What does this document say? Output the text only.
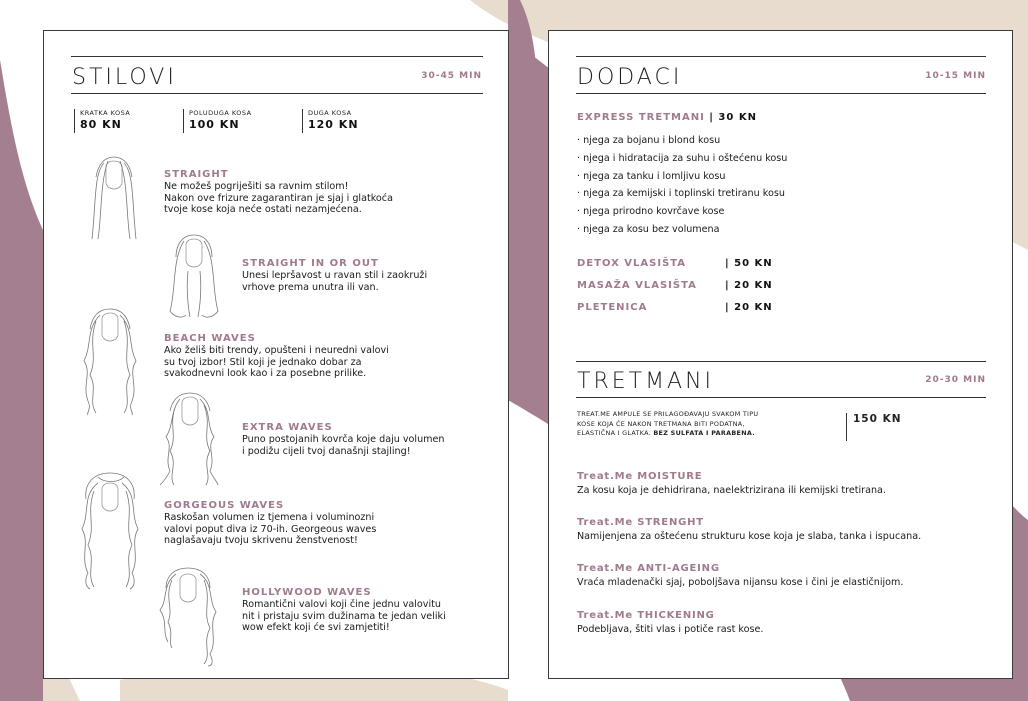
STILOVI	30-45 MIN
KRATKA KOSA
80 KN
POLUDUGA KOSA
100 KN
DUGA KOSA
120 KN
STRAIGHT
Ne možeš pogriješiti sa ravnim stilom!
Nakon ove frizure zagarantiran je sjaj i glatkoća
tvoje kose koja neće ostati nezamjećena.
STRAIGHT IN OR OUT
Unesi lepršavost u ravan stil i zaokruži
vrhove prema unutra ili van.
BEACH WAVES
Ako želiš biti trendy, opušteni i neuredni valovi
su tvoj izbor! Stil koji je jednako dobar za
svakodnevni look kao i za posebne prilike.
EXTRA WAVES
Puno postojanih kovrča koje daju volumen
i podižu cijeli tvoj današnji stajling!
GORGEOUS WAVES
Raskošan volumen iz tjemena i voluminozni
valovi poput diva iz 70-ih. Georgeous waves
naglašavaju tvoju skrivenu ženstvenost!
HOLLYWOOD WAVES
Romantični valovi koji čine jednu valovitu
nit i pristaju svim dužinama te jedan veliki
wow efekt koji će svi zamjetiti!
DODACI	10-15 MIN
EXPRESS TRETMANI | 30 KN
· njega za bojanu i blond kosu
· njega i hidratacija za suhu i oštećenu kosu
· njega za tanku i lomljivu kosu
· njega za kemijski i toplinski tretiranu kosu
· njega prirodno kovrčave kose
· njega za kosu bez volumena
DETOX VLASIŠTA	| 50 KN
MASAŽA VLASIŠTA	| 20 KN
PLETENICA	| 20 KN
TRETMANI	20-30 MIN
TREAT.ME AMPULE SE PRILAGOĐAVAJU SVAKOM TIPU
KOSE KOJA ĆE NAKON TRETMANA BITI PODATNA,
ELASTIČNA I GLATKA. BEZ SULFATA I PARABENA.
150 KN
Treat.Me MOISTURE
Za kosu koja je dehidrirana, naelektrizirana ili kemijski tretirana.
Treat.Me STRENGHT
Namijenjena za oštećenu strukturu kose koja je slaba, tanka i ispucana.
Treat.Me ANTI-AGEING
Vraća mladenački sjaj, poboljšava nijansu kose i čini je elastičnijom.
Treat.Me THICKENING
Podebljava, štiti vlas i potiče rast kose.
